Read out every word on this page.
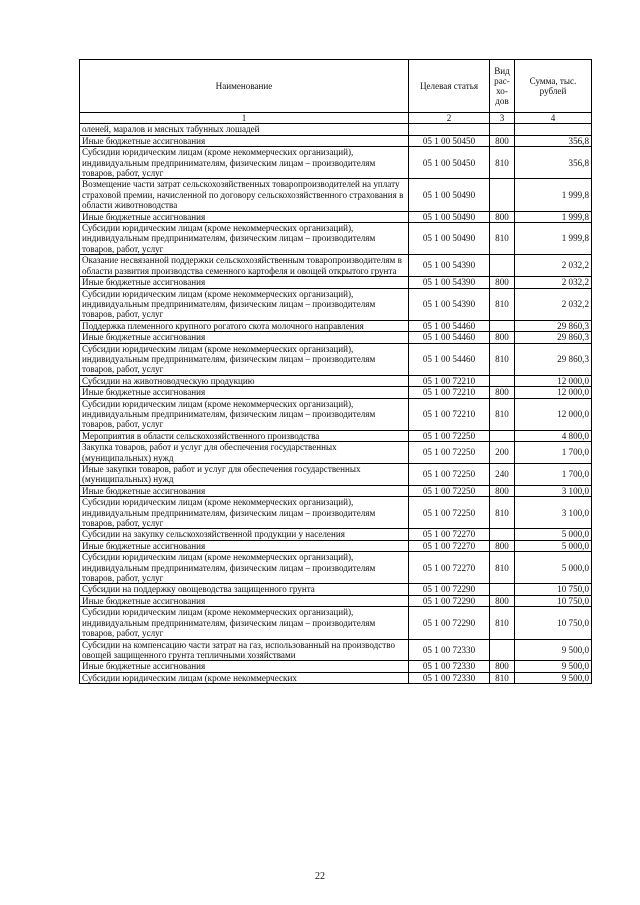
Наименование	Целевая статья	Вид рас- хо- дов	Сумма, тыс. рублей
1	2	3	4
оленей, маралов и мясных табунных лошадей			
Иные бюджетные ассигнования	05 1 00 50450	800	356,8
Субсидии юридическим лицам (кроме некоммерческих организаций), индивидуальным предпринимателям, физическим лицам – производителям товаров, работ, услуг	05 1 00 50450	810	356,8
Возмещение части затрат сельскохозяйственных товаропроизводителей на уплату страховой премии, начисленной по договору сельскохозяйственного страхования в области животноводства	05 1 00 50490		1 999,8
Иные бюджетные ассигнования	05 1 00 50490	800	1 999,8
Субсидии юридическим лицам (кроме некоммерческих организаций), индивидуальным предпринимателям, физическим лицам – производителям товаров, работ, услуг	05 1 00 50490	810	1 999,8
Оказание несвязанной поддержки сельскохозяйственным товаропроизводителям в области развития производства семенного картофеля и овощей открытого грунта	05 1 00 54390		2 032,2
Иные бюджетные ассигнования	05 1 00 54390	800	2 032,2
Субсидии юридическим лицам (кроме некоммерческих организаций), индивидуальным предпринимателям, физическим лицам – производителям товаров, работ, услуг	05 1 00 54390	810	2 032,2
Поддержка племенного крупного рогатого скота молочного направления	05 1 00 54460		29 860,3
Иные бюджетные ассигнования	05 1 00 54460	800	29 860,3
Субсидии юридическим лицам (кроме некоммерческих организаций), индивидуальным предпринимателям, физическим лицам – производителям товаров, работ, услуг	05 1 00 54460	810	29 860,3
Субсидии на животноводческую продукцию	05 1 00 72210		12 000,0
Иные бюджетные ассигнования	05 1 00 72210	800	12 000,0
Субсидии юридическим лицам (кроме некоммерческих организаций), индивидуальным предпринимателям, физическим лицам – производителям товаров, работ, услуг	05 1 00 72210	810	12 000,0
Мероприятия в области сельскохозяйственного производства	05 1 00 72250		4 800,0
Закупка товаров, работ и услуг для обеспечения государственных (муниципальных) нужд	05 1 00 72250	200	1 700,0
Иные закупки товаров, работ и услуг для обеспечения государственных (муниципальных) нужд	05 1 00 72250	240	1 700,0
Иные бюджетные ассигнования	05 1 00 72250	800	3 100,0
Субсидии юридическим лицам (кроме некоммерческих организаций), индивидуальным предпринимателям, физическим лицам – производителям товаров, работ, услуг	05 1 00 72250	810	3 100,0
Субсидии на закупку сельскохозяйственной продукции у населения	05 1 00 72270		5 000,0
Иные бюджетные ассигнования	05 1 00 72270	800	5 000,0
Субсидии юридическим лицам (кроме некоммерческих организаций), индивидуальным предпринимателям, физическим лицам – производителям товаров, работ, услуг	05 1 00 72270	810	5 000,0
Субсидии на поддержку овощеводства защищенного грунта	05 1 00 72290		10 750,0
Иные бюджетные ассигнования	05 1 00 72290	800	10 750,0
Субсидии юридическим лицам (кроме некоммерческих организаций), индивидуальным предпринимателям, физическим лицам – производителям товаров, работ, услуг	05 1 00 72290	810	10 750,0
Субсидии на компенсацию части затрат на газ, использованный на производство овощей защищенного грунта тепличными хозяйствами	05 1 00 72330		9 500,0
Иные бюджетные ассигнования	05 1 00 72330	800	9 500,0
Субсидии юридическим лицам (кроме некоммерческих	05 1 00 72330	810	9 500,0
22
